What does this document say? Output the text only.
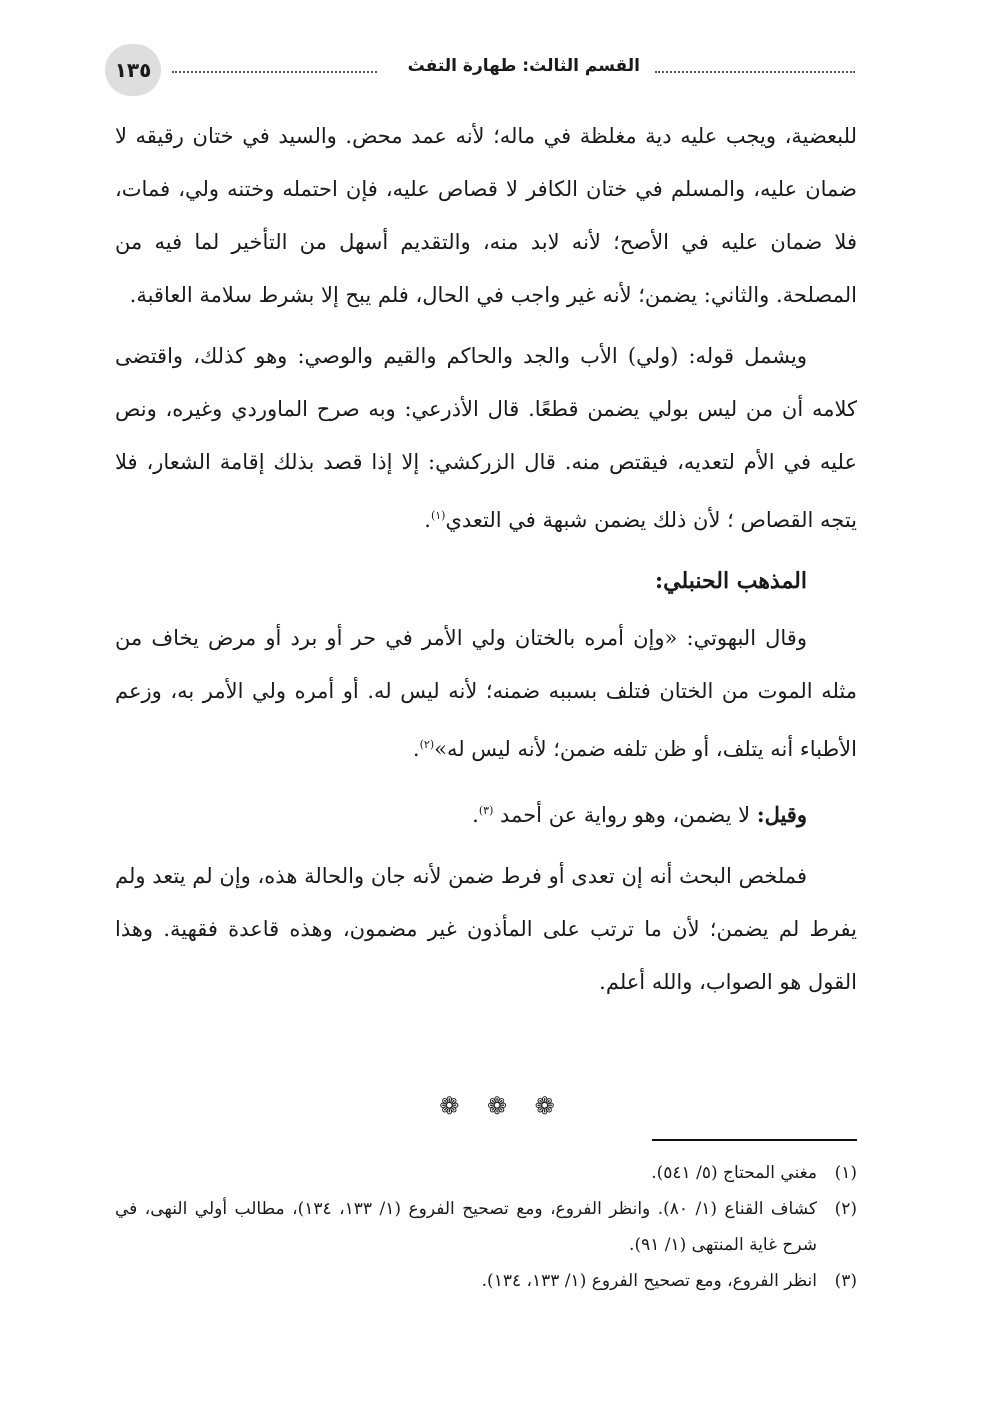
القسم الثالث: طهارة التفث
١٣٥

للبعضية، ويجب عليه دية مغلظة في ماله؛ لأنه عمد محض. والسيد في ختان رقيقه لا ضمان عليه، والمسلم في ختان الكافر لا قصاص عليه، فإن احتمله وختنه ولي، فمات، فلا ضمان عليه في الأصح؛ لأنه لابد منه، والتقديم أسهل من التأخير لما فيه من المصلحة. والثاني: يضمن؛ لأنه غير واجب في الحال، فلم يبح إلا بشرط سلامة العاقبة.

ويشمل قوله: (ولي) الأب والجد والحاكم والقيم والوصي: وهو كذلك، واقتضى كلامه أن من ليس بولي يضمن قطعًا. قال الأذرعي: وبه صرح الماوردي وغيره، ونص عليه في الأم لتعديه، فيقتص منه. قال الزركشي: إلا إذا قصد بذلك إقامة الشعار، فلا يتجه القصاص ؛ لأن ذلك يضمن شبهة في التعدي$^{(١)}$.

المذهب الحنبلي:

وقال البهوتي: «وإن أمره بالختان ولي الأمر في حر أو برد أو مرض يخاف من مثله الموت من الختان فتلف بسببه ضمنه؛ لأنه ليس له. أو أمره ولي الأمر به، وزعم الأطباء أنه يتلف، أو ظن تلفه ضمن؛ لأنه ليس له»$^{(٢)}$.

وقيل: لا يضمن، وهو رواية عن أحمد $^{(٣)}$.

فملخص البحث أنه إن تعدى أو فرط ضمن لأنه جان والحالة هذه، وإن لم يتعد ولم يفرط لم يضمن؛ لأن ما ترتب على المأذون غير مضمون، وهذه قاعدة فقهية. وهذا القول هو الصواب، والله أعلم.

❁ ❁ ❁
(١)
مغني المحتاج (٥/ ٥٤١).
(٢)
كشاف القناع (١/ ٨٠). وانظر الفروع، ومع تصحيح الفروع (١/ ١٣٣، ١٣٤)، مطالب أولي النهى، في شرح غاية المنتهى (١/ ٩١).
(٣)
انظر الفروع، ومع تصحيح الفروع (١/ ١٣٣، ١٣٤).
